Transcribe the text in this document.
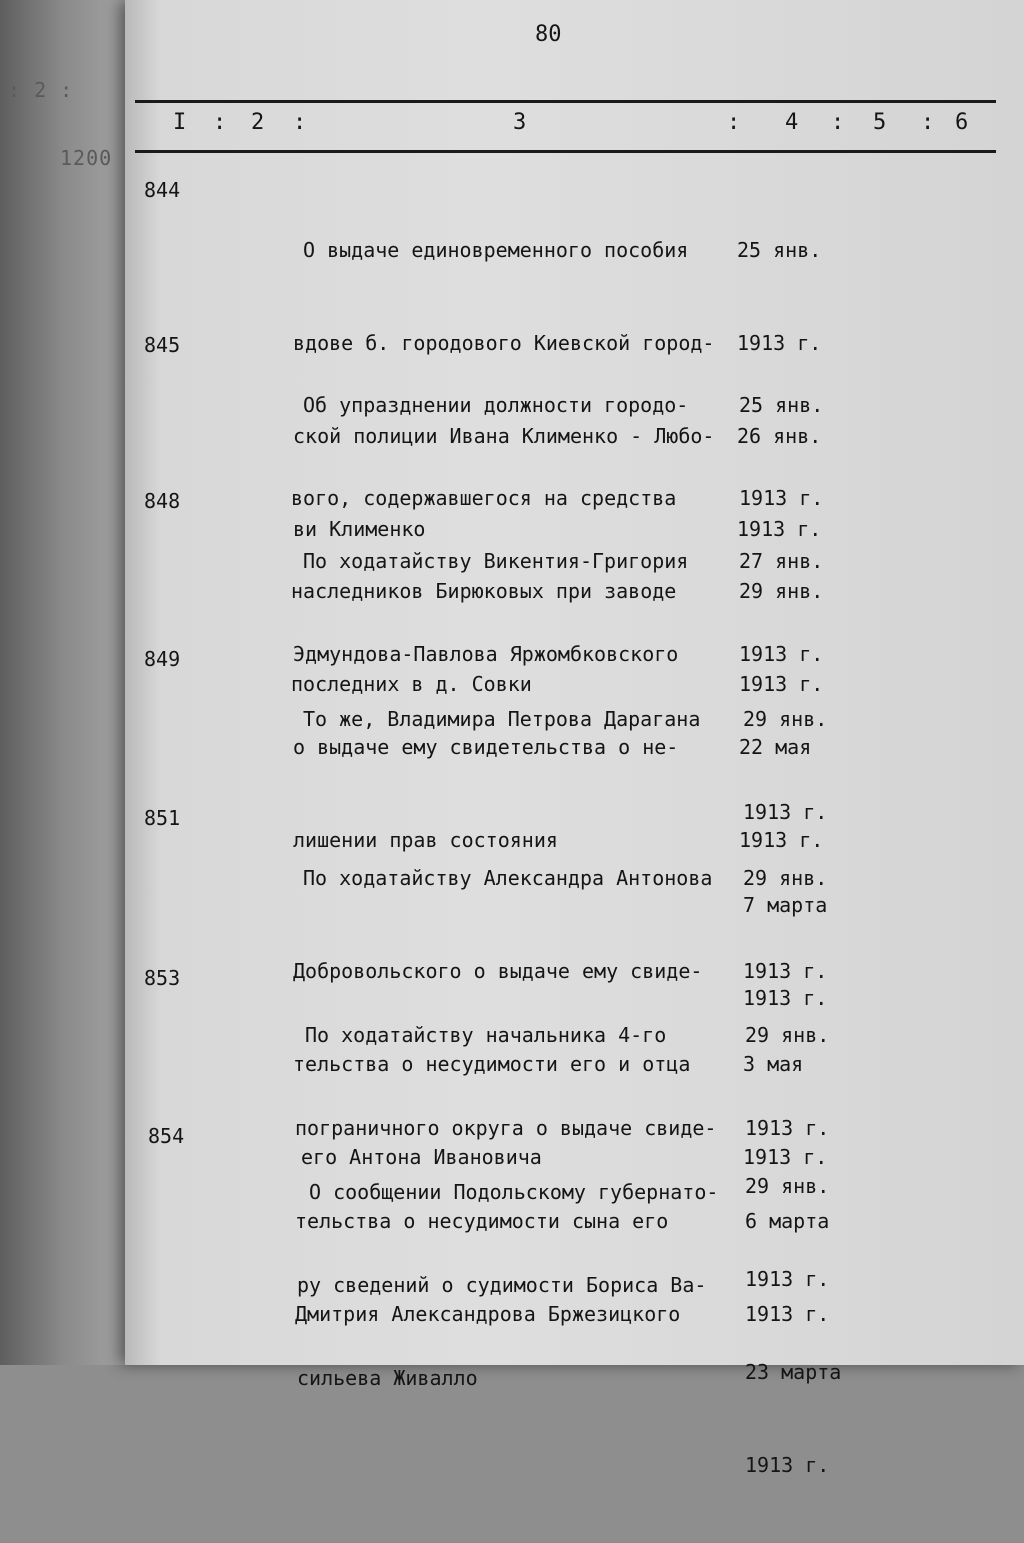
: 2 :
1200
80
I : 2 :	3	: 4 : 5 : 6
844

О выдаче единовременного пособия

вдове б. городового Киевской город-

ской полиции Ивана Клименко - Любо-

ви Клименко

25 янв.

1913 г.

26 янв.

1913 г.

845

Об упразднении должности городо-

вого, содержавшегося на средства

наследников Бирюковых при заводе

последних в д. Совки

25 янв.

1913 г.

29 янв.

1913 г.

848

По ходатайству Викентия-Григория

Эдмундова-Павлова Яржомбковского

о выдаче ему свидетельства о не-

лишении прав состояния

27 янв.

1913 г.

22 мая

1913 г.

849

То же, Владимира Петрова Дарагана

29 янв.

1913 г.

7 марта

1913 г.

851

По ходатайству Александра Антонова

Добровольского о выдаче ему свиде-

тельства о несудимости его и отца

его Антона Ивановича

29 янв.

1913 г.

3 мая

1913 г.

853

По ходатайству начальника 4-го

пограничного округа о выдаче свиде-

тельства о несудимости сына его

Дмитрия Александрова Бржезицкого

29 янв.

1913 г.

6 марта

1913 г.

854

О сообщении Подольскому губернато-

ру сведений о судимости Бориса Ва-

сильева Живалло

29 янв.

1913 г.

23 марта

1913 г.
